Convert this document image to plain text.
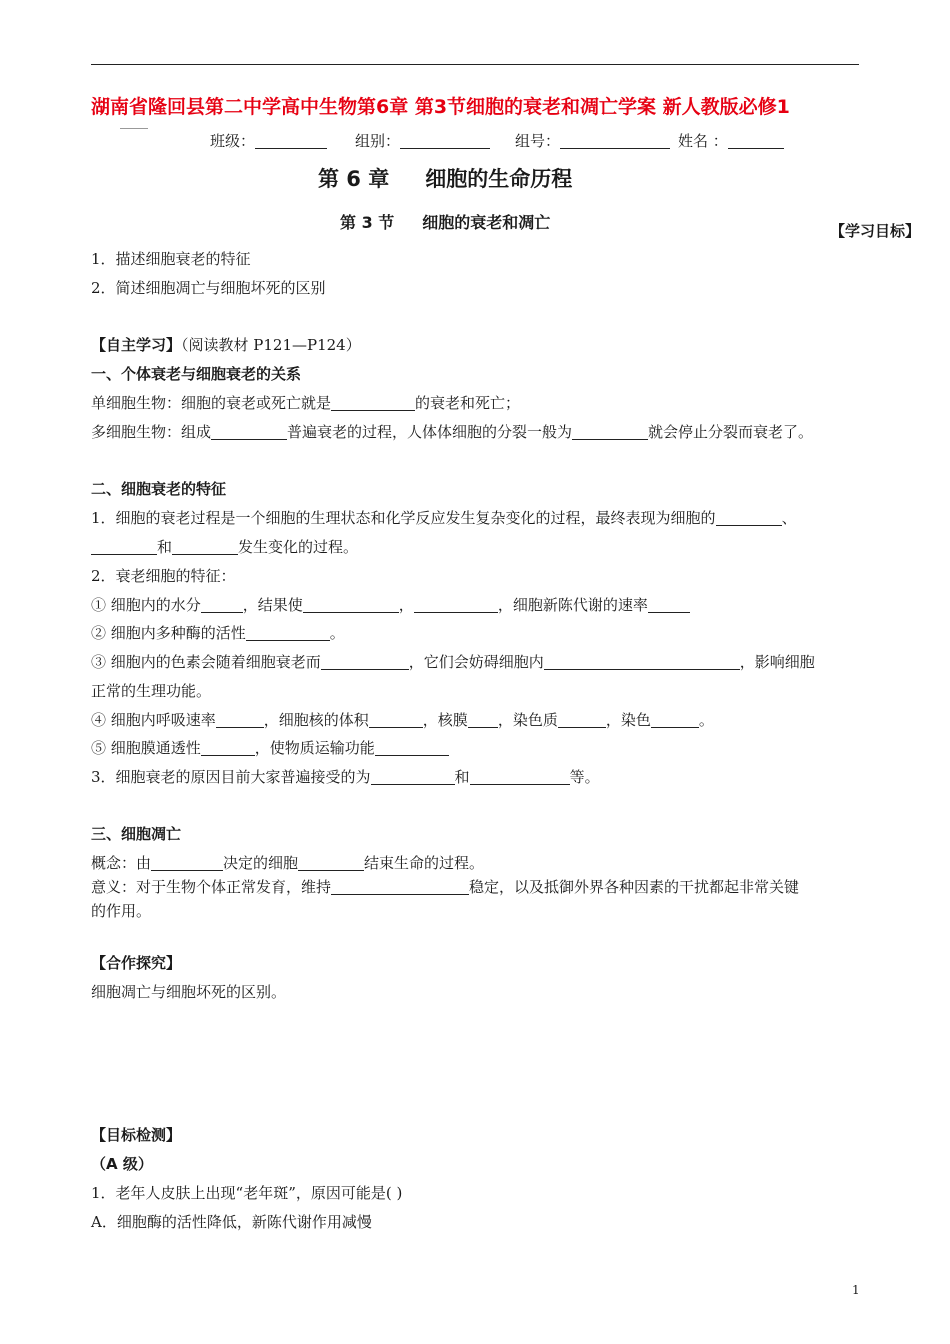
湖南省隆回县第二中学高中生物第6章 第3节细胞的衰老和凋亡学案 新人教版必修1
班级：	组别：	组号：	姓名 ：
第 6 章 细胞的生命历程
第 3 节 细胞的衰老和凋亡	【学习目标】
1．描述细胞衰老的特征
2．简述细胞凋亡与细胞坏死的区别
【自主学习】（阅读教材 P121—P124）
一、个体衰老与细胞衰老的关系
单细胞生物：细胞的衰老或死亡就是	的衰老和死亡；
多细胞生物：组成	普遍衰老的过程，人体体细胞的分裂一般为	就会停止分裂而衰老了。
二、细胞衰老的特征
1．细胞的衰老过程是一个细胞的生理状态和化学反应发生复杂变化的过程，最终表现为细胞的	、
和	发生变化的过程。
2．衰老细胞的特征：
① 细胞内的水分	，结果使	，	，细胞新陈代谢的速率
② 细胞内多种酶的活性	。
③ 细胞内的色素会随着细胞衰老而	，它们会妨碍细胞内	，影响细胞
正常的生理功能。
④ 细胞内呼吸速率	，细胞核的体积	，核膜 ，染色质	，染色	。
⑤ 细胞膜通透性	，使物质运输功能
3．细胞衰老的原因目前大家普遍接受的为	和	等。
三、细胞凋亡
概念：由	决定的细胞	结束生命的过程。
意义：对于生物个体正常发育，维持	稳定，以及抵御外界各种因素的干扰都起非常关键
的作用。
【合作探究】
细胞凋亡与细胞坏死的区别。
【目标检测】
（A 级）
1．老年人皮肤上出现“老年斑”，原因可能是( )
A．细胞酶的活性降低，新陈代谢作用减慢
1
